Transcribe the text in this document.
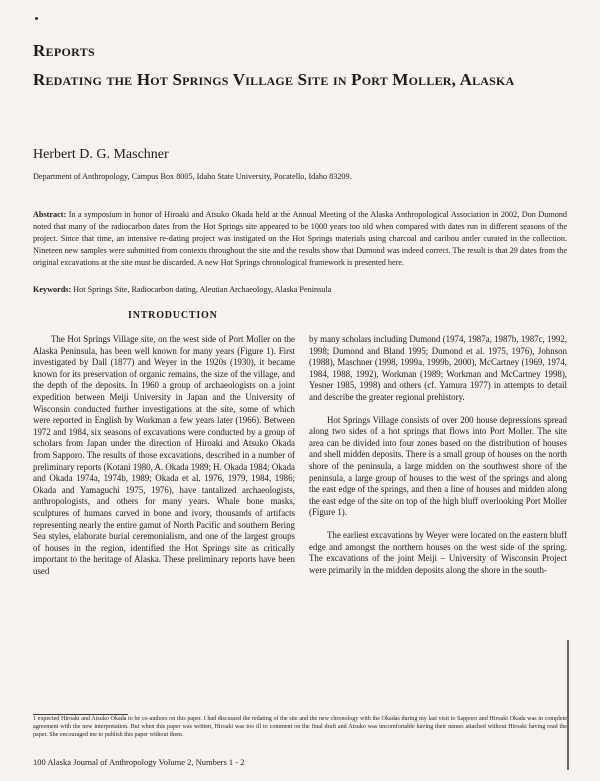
Reports
Redating the Hot Springs Village Site in Port Moller, Alaska
Herbert D. G. Maschner
Department of Anthropology, Campus Box 8005, Idaho State University, Pocatello, Idaho 83209.
Abstract: In a symposium in honor of Hiroaki and Atsuko Okada held at the Annual Meeting of the Alaska Anthropological Association in 2002, Don Dumond noted that many of the radiocarbon dates from the Hot Springs site appeared to be 1000 years too old when compared with dates run in different seasons of the project. Since that time, an intensive re-dating project was instigated on the Hot Springs materials using charcoal and caribou antler curated in the collection. Nineteen new samples were submitted from contexts throughout the site and the results show that Dumond was indeed correct. The result is that 29 dates from the original excavations at the site must be discarded. A new Hot Springs chronological framework is presented here.
Keywords: Hot Springs Site, Radiocarbon dating, Aleutian Archaeology, Alaska Peninsula
INTRODUCTION

The Hot Springs Village site, on the west side of Port Moller on the Alaska Peninsula, has been well known for many years (Figure 1). First investigated by Dall (1877) and Weyer in the 1920s (1930), it became known for its preservation of organic remains, the size of the village, and the depth of the deposits. In 1960 a group of archaeologists on a joint expedition between Meiji University in Japan and the University of Wisconsin conducted further investigations at the site, some of which were reported in English by Workman a few years later (1966). Between 1972 and 1984, six seasons of excavations were conducted by a group of scholars from Japan under the direction of Hiroaki and Atsuko Okada from Sapporo. The results of those excavations, described in a number of preliminary reports (Kotani 1980, A. Okada 1989; H. Okada 1984; Okada and Okada 1974a, 1974b, 1989; Okada et al. 1976, 1979, 1984, 1986; Okada and Yamaguchi 1975, 1976), have tantalized archaeologists, anthropologists, and others for many years. Whale bone masks, sculptures of humans carved in bone and ivory, thousands of artifacts representing nearly the entire gamut of North Pacific and southern Bering Sea styles, elaborate burial ceremonialism, and one of the largest groups of houses in the region, identified the Hot Springs site as critically important to the heritage of Alaska. These preliminary reports have been used

by many scholars including Dumond (1974, 1987a, 1987b, 1987c, 1992, 1998; Dumond and Bland 1995; Dumond et al. 1975, 1976), Johnson (1988), Maschner (1998, 1999a, 1999b, 2000), McCartney (1969, 1974, 1984, 1988, 1992), Workman (1989; Workman and McCartney 1998), Yesner 1985, 1998) and others (cf. Yamura 1977) in attempts to detail and describe the greater regional prehistory.

Hot Springs Village consists of over 200 house depressions spread along two sides of a hot springs that flows into Port Moller. The site area can be divided into four zones based on the distribution of houses and shell midden deposits. There is a small group of houses on the north shore of the peninsula, a large midden on the southwest shore of the peninsula, a large group of houses to the west of the springs and along the east edge of the springs, and then a line of houses and midden along the east edge of the site on top of the high bluff overlooking Port Moller (Figure 1).

The earliest excavations by Weyer were located on the eastern bluff edge and amongst the northern houses on the west side of the spring. The excavations of the joint Meiji – University of Wisconsin Project were primarily in the midden deposits along the shore in the south-

1 expected Hiroaki and Atsuko Okada to be co-authors on this paper. I had discussed the redating of the site and the new chronology with the Okadas during my last visit to Sapporo and Hiroaki Okada was in complete agreement with the new interpretation. But when this paper was written, Hiroaki was too ill to comment on the final draft and Atsuko was uncomfortable having their names attached without Hiroaki having read the paper. She encouraged me to publish this paper without them.
100 Alaska Journal of Anthropology Volume 2, Numbers 1 - 2
